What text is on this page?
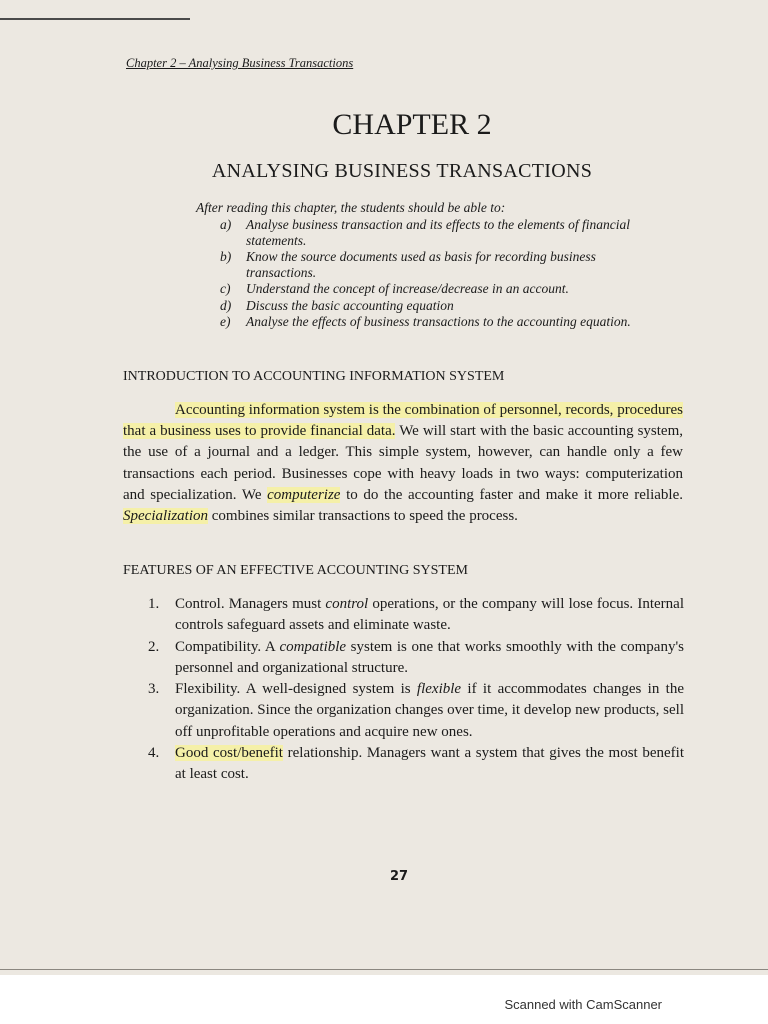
Chapter 2 – Analysing Business Transactions
CHAPTER 2
ANALYSING BUSINESS TRANSACTIONS
After reading this chapter, the students should be able to:
a) Analyse business transaction and its effects to the elements of financial statements.
b) Know the source documents used as basis for recording business transactions.
c) Understand the concept of increase/decrease in an account.
d) Discuss the basic accounting equation
e) Analyse the effects of business transactions to the accounting equation.
INTRODUCTION TO ACCOUNTING INFORMATION SYSTEM
Accounting information system is the combination of personnel, records, procedures that a business uses to provide financial data. We will start with the basic accounting system, the use of a journal and a ledger. This simple system, however, can handle only a few transactions each period. Businesses cope with heavy loads in two ways: computerization and specialization. We computerize to do the accounting faster and make it more reliable. Specialization combines similar transactions to speed the process.
FEATURES OF AN EFFECTIVE ACCOUNTING SYSTEM
1. Control. Managers must control operations, or the company will lose focus. Internal controls safeguard assets and eliminate waste.
2. Compatibility. A compatible system is one that works smoothly with the company's personnel and organizational structure.
3. Flexibility. A well-designed system is flexible if it accommodates changes in the organization. Since the organization changes over time, it develop new products, sell off unprofitable operations and acquire new ones.
4. Good cost/benefit relationship. Managers want a system that gives the most benefit at least cost.
27
Scanned with CamScanner
